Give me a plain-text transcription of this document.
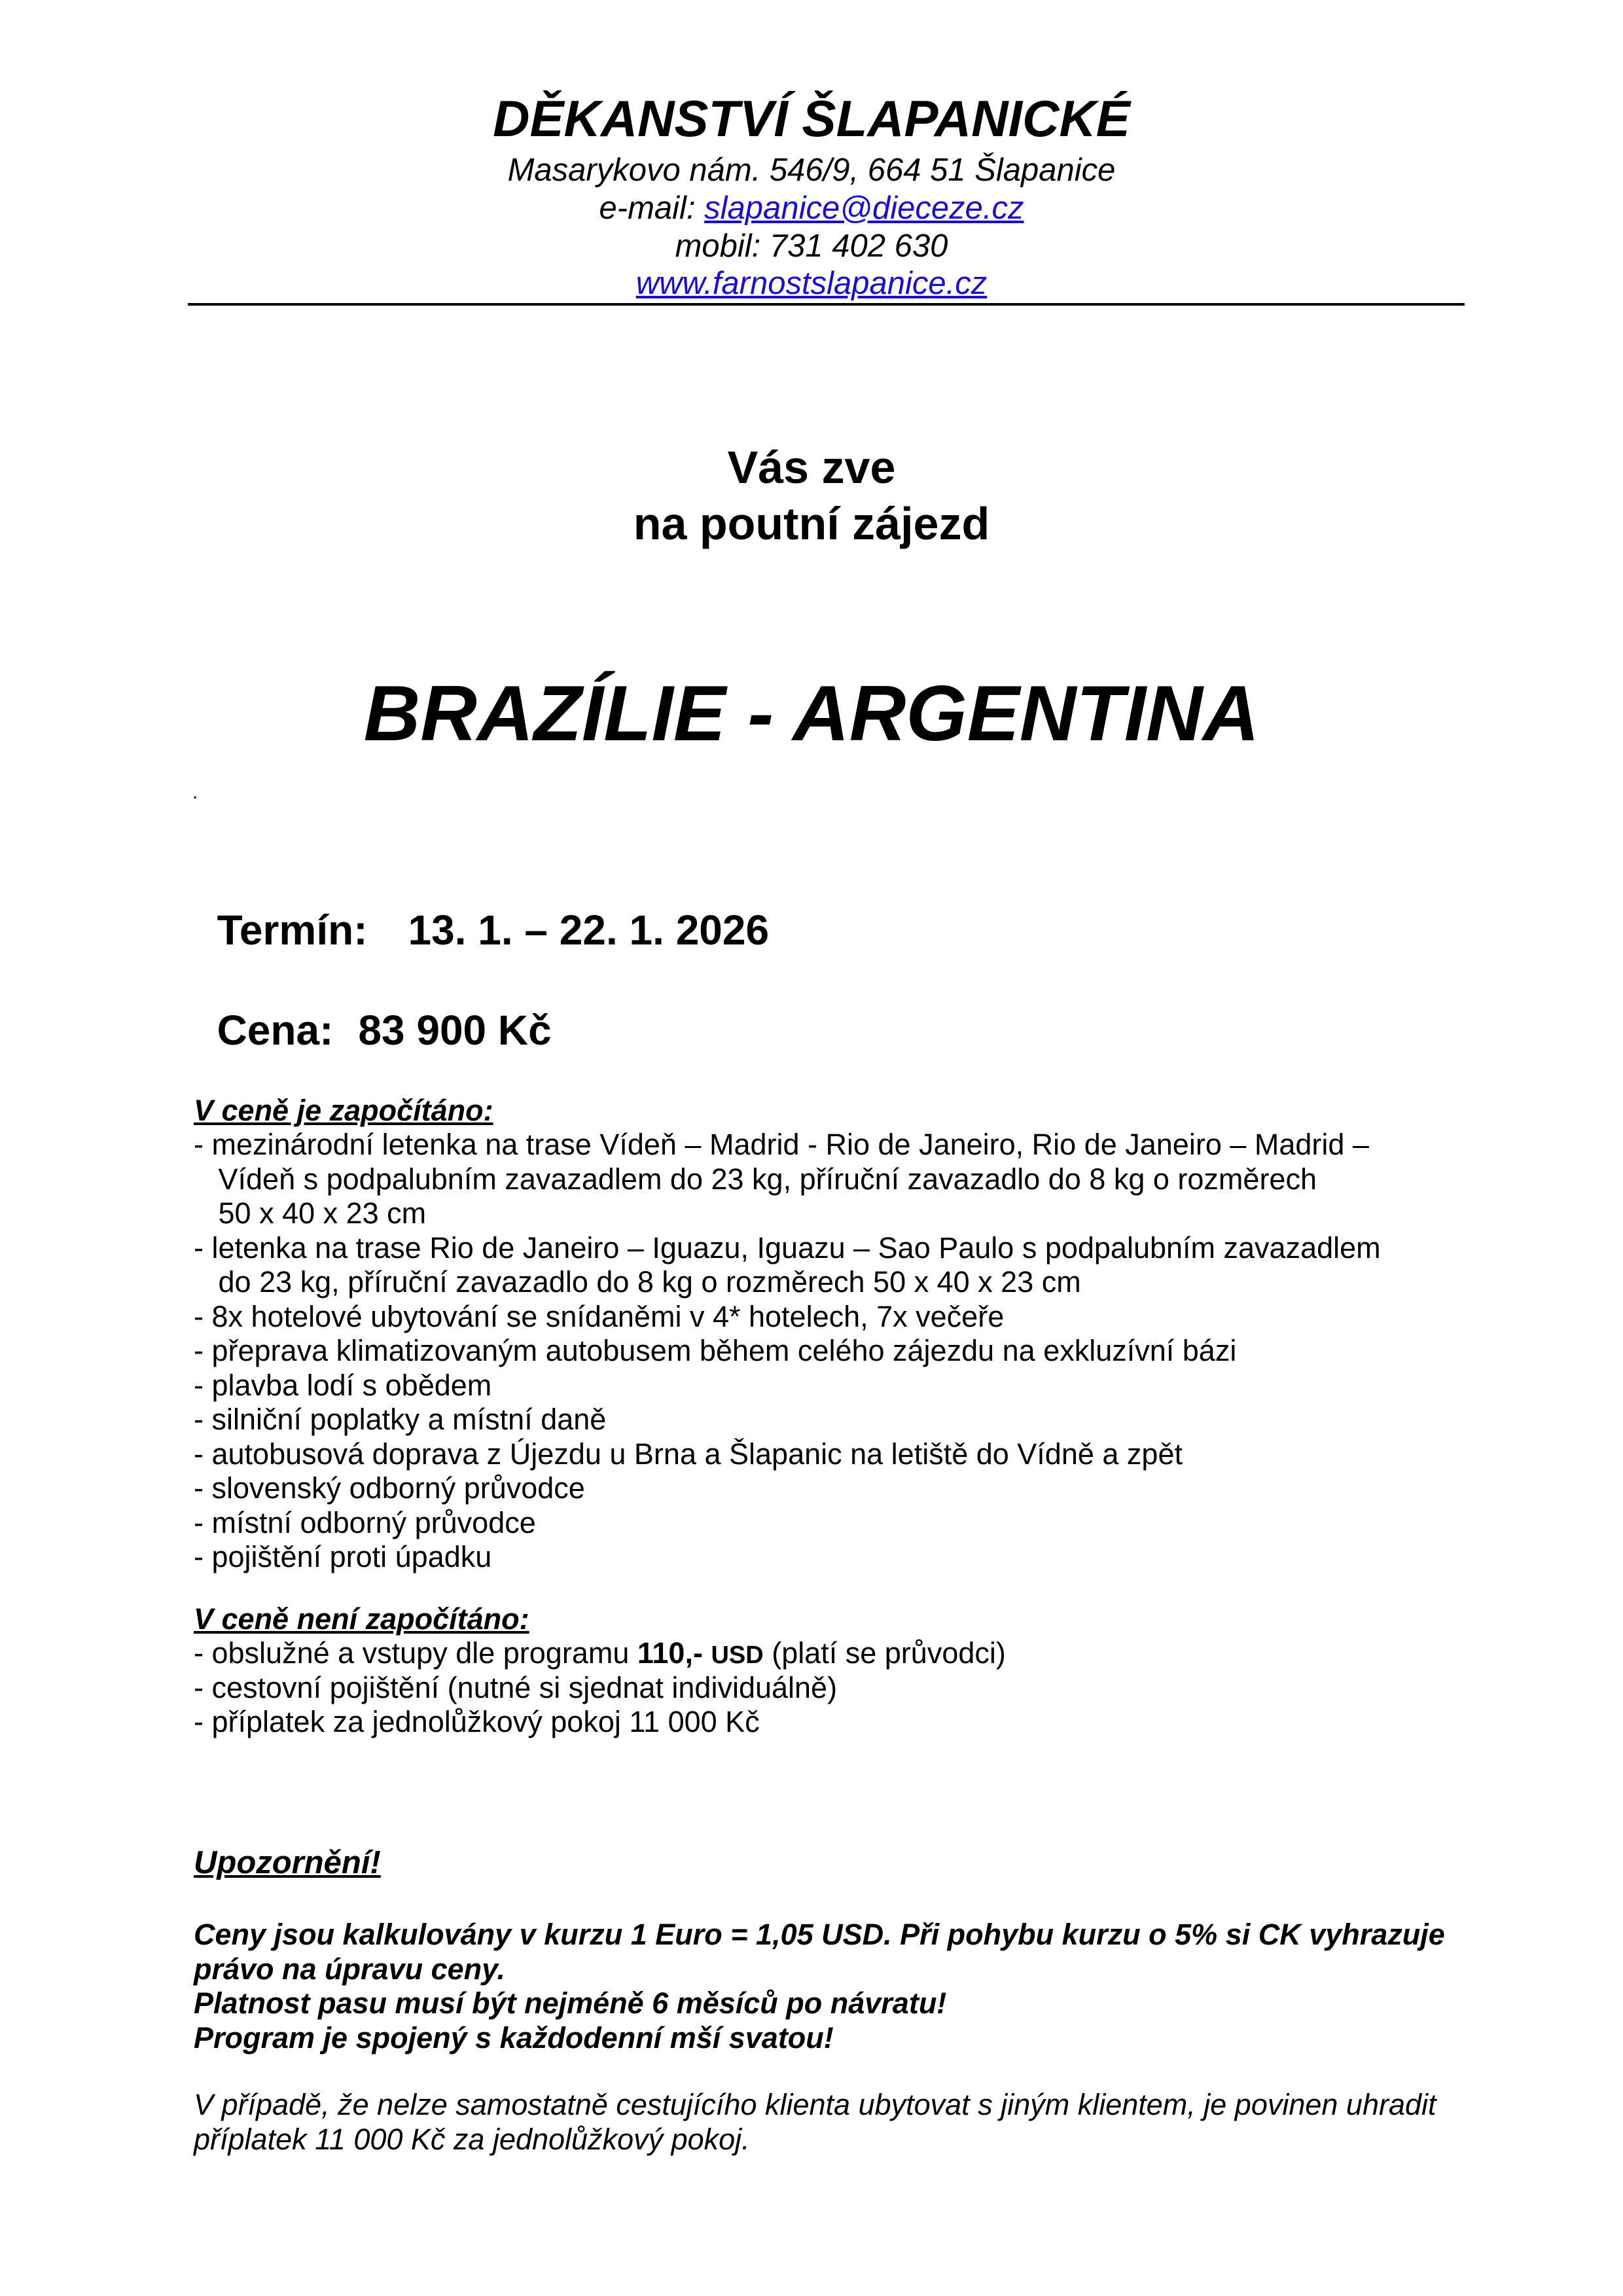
DĚKANSTVÍ ŠLAPANICKÉ
Masarykovo nám. 546/9, 664 51 Šlapanice
e-mail: slapanice@dieceze.cz
mobil: 731 402 630
www.farnostslapanice.cz
Vás zve
na poutní zájezd
BRAZÍLIE - ARGENTINA
.

Termín: 13. 1. – 22. 1. 2026

Cena: 83 900 Kč

V ceně je započítáno:
- mezinárodní letenka na trase Vídeň – Madrid - Rio de Janeiro, Rio de Janeiro – Madrid –
Vídeň s podpalubním zavazadlem do 23 kg, příruční zavazadlo do 8 kg o rozměrech
50 x 40 x 23 cm
- letenka na trase Rio de Janeiro – Iguazu, Iguazu – Sao Paulo s podpalubním zavazadlem
do 23 kg, příruční zavazadlo do 8 kg o rozměrech 50 x 40 x 23 cm
- 8x hotelové ubytování se snídaněmi v 4* hotelech, 7x večeře
- přeprava klimatizovaným autobusem během celého zájezdu na exkluzívní bázi
- plavba lodí s obědem
- silniční poplatky a místní daně
- autobusová doprava z Újezdu u Brna a Šlapanic na letiště do Vídně a zpět
- slovenský odborný průvodce
- místní odborný průvodce
- pojištění proti úpadku
V ceně není započítáno:
- obslužné a vstupy dle programu 110,- USD (platí se průvodci)
- cestovní pojištění (nutné si sjednat individuálně)
- příplatek za jednolůžkový pokoj 11 000 Kč
Upozornění!
Ceny jsou kalkulovány v kurzu 1 Euro = 1,05 USD. Při pohybu kurzu o 5% si CK vyhrazuje
právo na úpravu ceny.
Platnost pasu musí být nejméně 6 měsíců po návratu!
Program je spojený s každodenní mší svatou!
V případě, že nelze samostatně cestujícího klienta ubytovat s jiným klientem, je povinen uhradit
příplatek 11 000 Kč za jednolůžkový pokoj.
